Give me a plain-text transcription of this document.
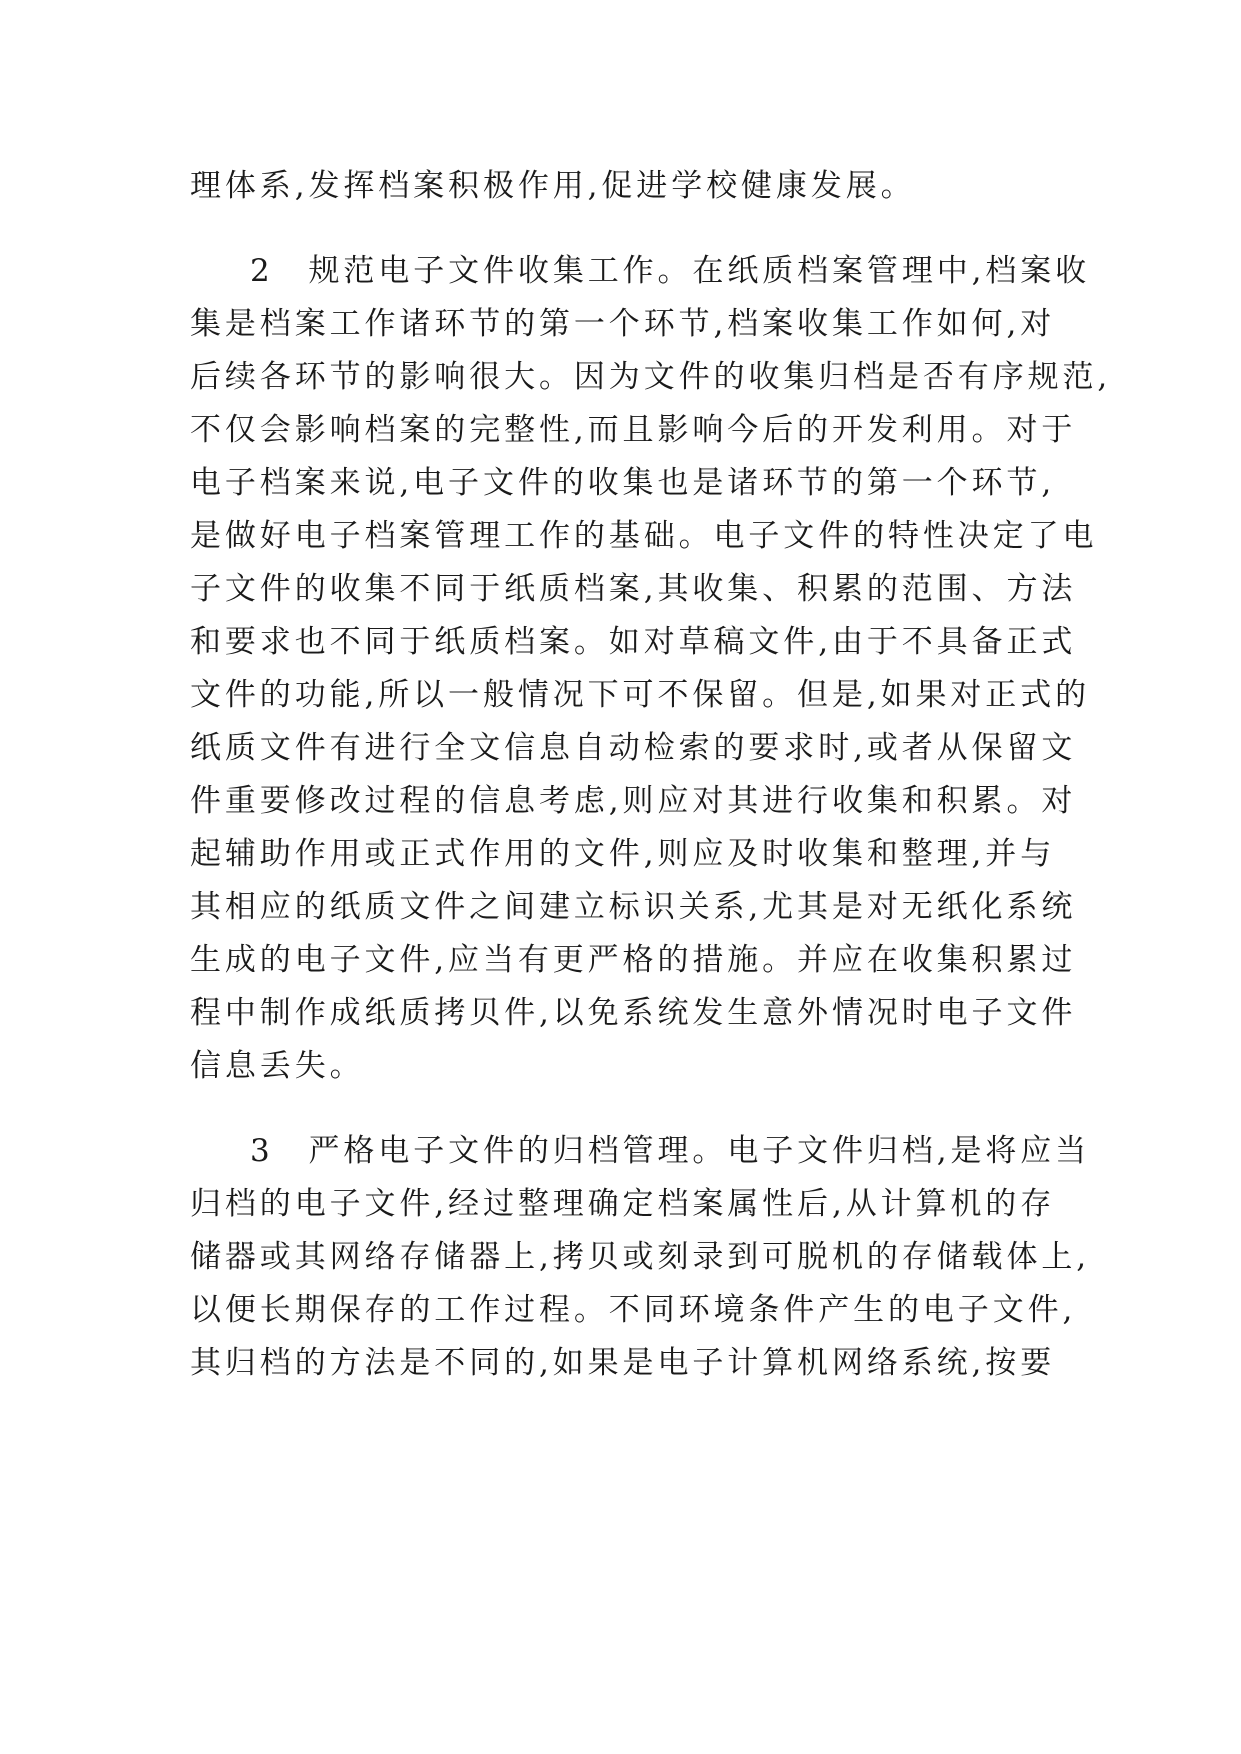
理体系,发挥档案积极作用,促进学校健康发展。
2　规范电子文件收集工作。在纸质档案管理中,档案收
集是档案工作诸环节的第一个环节,档案收集工作如何,对
后续各环节的影响很大。因为文件的收集归档是否有序规范,
不仅会影响档案的完整性,而且影响今后的开发利用。对于
电子档案来说,电子文件的收集也是诸环节的第一个环节,
是做好电子档案管理工作的基础。电子文件的特性决定了电
子文件的收集不同于纸质档案,其收集、积累的范围、方法
和要求也不同于纸质档案。如对草稿文件,由于不具备正式
文件的功能,所以一般情况下可不保留。但是,如果对正式的
纸质文件有进行全文信息自动检索的要求时,或者从保留文
件重要修改过程的信息考虑,则应对其进行收集和积累。对
起辅助作用或正式作用的文件,则应及时收集和整理,并与
其相应的纸质文件之间建立标识关系,尤其是对无纸化系统
生成的电子文件,应当有更严格的措施。并应在收集积累过
程中制作成纸质拷贝件,以免系统发生意外情况时电子文件
信息丢失。
3　严格电子文件的归档管理。电子文件归档,是将应当
归档的电子文件,经过整理确定档案属性后,从计算机的存
储器或其网络存储器上,拷贝或刻录到可脱机的存储载体上,
以便长期保存的工作过程。不同环境条件产生的电子文件,
其归档的方法是不同的,如果是电子计算机网络系统,按要
